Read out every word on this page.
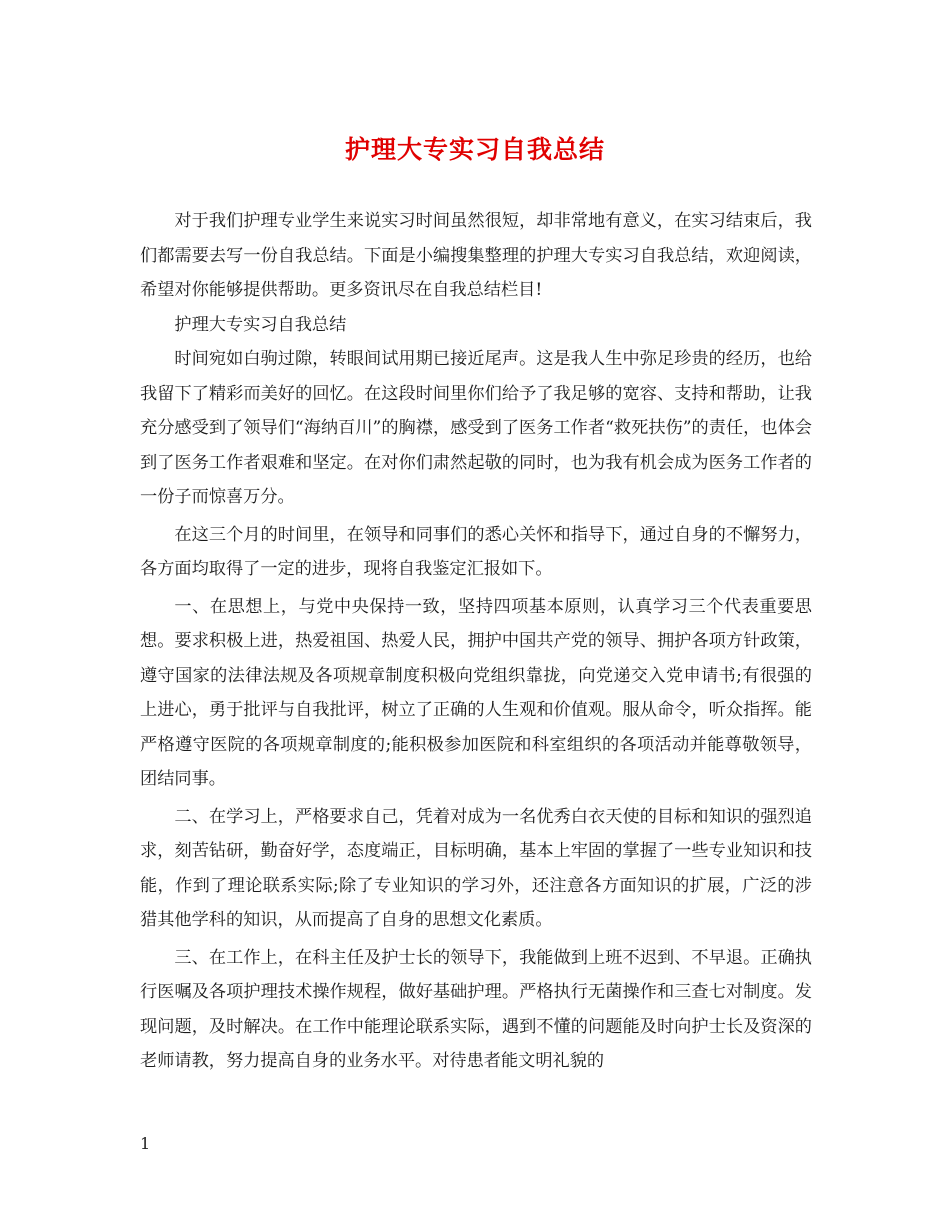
护理大专实习自我总结

对于我们护理专业学生来说实习时间虽然很短，却非常地有意义，在实习结束后，我们都需要去写一份自我总结。下面是小编搜集整理的护理大专实习自我总结，欢迎阅读，希望对你能够提供帮助。更多资讯尽在自我总结栏目!

护理大专实习自我总结

时间宛如白驹过隙，转眼间试用期已接近尾声。这是我人生中弥足珍贵的经历，也给我留下了精彩而美好的回忆。在这段时间里你们给予了我足够的宽容、支持和帮助，让我充分感受到了领导们“海纳百川”的胸襟，感受到了医务工作者“救死扶伤”的责任，也体会到了医务工作者艰难和坚定。在对你们肃然起敬的同时，也为我有机会成为医务工作者的一份子而惊喜万分。

在这三个月的时间里，在领导和同事们的悉心关怀和指导下，通过自身的不懈努力，各方面均取得了一定的进步，现将自我鉴定汇报如下。

一、在思想上，与党中央保持一致，坚持四项基本原则，认真学习三个代表重要思想。要求积极上进，热爱祖国、热爱人民，拥护中国共产党的领导、拥护各项方针政策，遵守国家的法律法规及各项规章制度积极向党组织靠拢，向党递交入党申请书;有很强的上进心，勇于批评与自我批评，树立了正确的人生观和价值观。服从命令，听众指挥。能严格遵守医院的各项规章制度的;能积极参加医院和科室组织的各项活动并能尊敬领导，团结同事。

二、在学习上，严格要求自己，凭着对成为一名优秀白衣天使的目标和知识的强烈追求，刻苦钻研，勤奋好学，态度端正，目标明确，基本上牢固的掌握了一些专业知识和技能，作到了理论联系实际;除了专业知识的学习外，还注意各方面知识的扩展，广泛的涉猎其他学科的知识，从而提高了自身的思想文化素质。

三、在工作上，在科主任及护士长的领导下，我能做到上班不迟到、不早退。正确执行医嘱及各项护理技术操作规程，做好基础护理。严格执行无菌操作和三查七对制度。发现问题，及时解决。在工作中能理论联系实际，遇到不懂的问题能及时向护士长及资深的老师请教，努力提高自身的业务水平。对待患者能文明礼貌的

1
